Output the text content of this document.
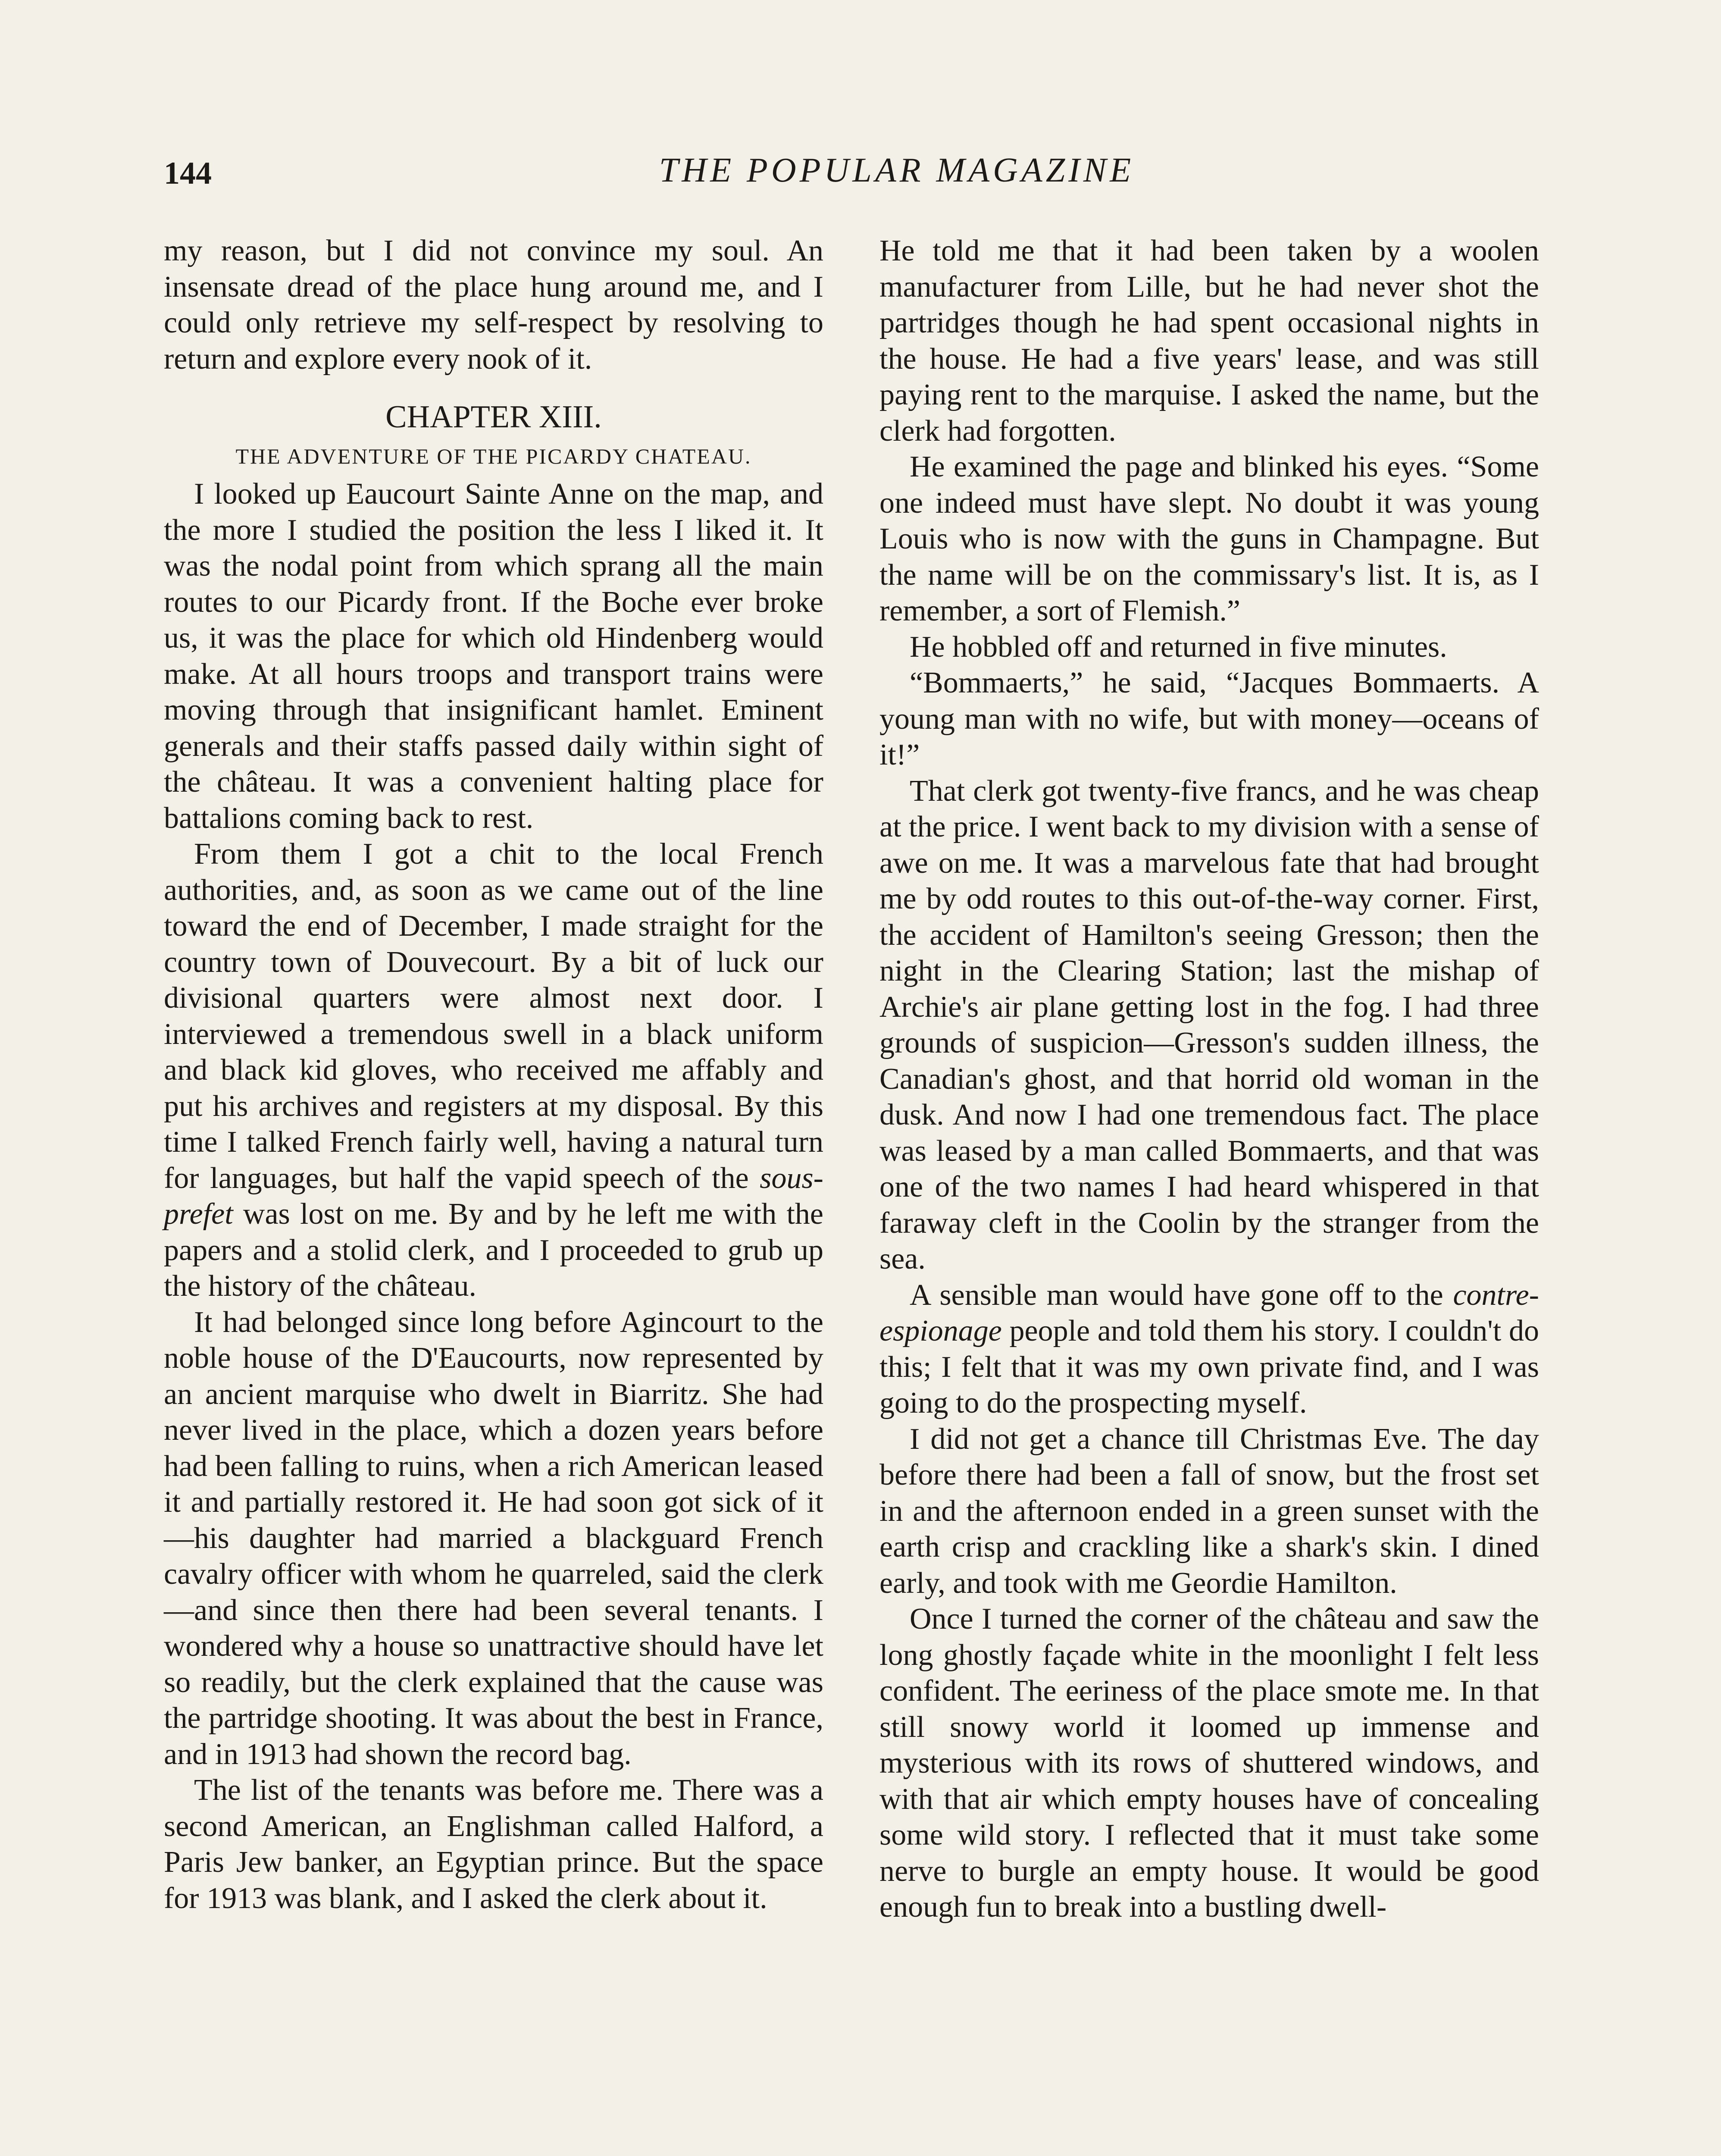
144	THE POPULAR MAGAZINE

my reason, but I did not convince my soul. An insensate dread of the place hung around me, and I could only retrieve my self-respect by resolving to return and explore every nook of it.

CHAPTER XIII.
THE ADVENTURE OF THE PICARDY CHATEAU.

I looked up Eaucourt Sainte Anne on the map, and the more I studied the position the less I liked it. It was the nodal point from which sprang all the main routes to our Picardy front. If the Boche ever broke us, it was the place for which old Hindenberg would make. At all hours troops and transport trains were moving through that insignificant hamlet. Eminent generals and their staffs passed daily within sight of the château. It was a convenient halting place for battalions coming back to rest.

From them I got a chit to the local French authorities, and, as soon as we came out of the line toward the end of December, I made straight for the country town of Douvecourt. By a bit of luck our divisional quarters were almost next door. I interviewed a tremendous swell in a black uniform and black kid gloves, who received me affably and put his archives and registers at my disposal. By this time I talked French fairly well, having a natural turn for languages, but half the vapid speech of the sous-prefet was lost on me. By and by he left me with the papers and a stolid clerk, and I proceeded to grub up the history of the château.

It had belonged since long before Agincourt to the noble house of the D'Eaucourts, now represented by an ancient marquise who dwelt in Biarritz. She had never lived in the place, which a dozen years before had been falling to ruins, when a rich American leased it and partially restored it. He had soon got sick of it—his daughter had married a blackguard French cavalry officer with whom he quarreled, said the clerk—and since then there had been several tenants. I wondered why a house so unattractive should have let so readily, but the clerk explained that the cause was the partridge shooting. It was about the best in France, and in 1913 had shown the record bag.

The list of the tenants was before me. There was a second American, an Englishman called Halford, a Paris Jew banker, an Egyptian prince. But the space for 1913 was blank, and I asked the clerk about it.

He told me that it had been taken by a woolen manufacturer from Lille, but he had never shot the partridges though he had spent occasional nights in the house. He had a five years' lease, and was still paying rent to the marquise. I asked the name, but the clerk had forgotten.

He examined the page and blinked his eyes. “Some one indeed must have slept. No doubt it was young Louis who is now with the guns in Champagne. But the name will be on the commissary's list. It is, as I remember, a sort of Flemish.”

He hobbled off and returned in five minutes.

“Bommaerts,” he said, “Jacques Bommaerts. A young man with no wife, but with money—oceans of it!”

That clerk got twenty-five francs, and he was cheap at the price. I went back to my division with a sense of awe on me. It was a marvelous fate that had brought me by odd routes to this out-of-the-way corner. First, the accident of Hamilton's seeing Gresson; then the night in the Clearing Station; last the mishap of Archie's air plane getting lost in the fog. I had three grounds of suspicion—Gresson's sudden illness, the Canadian's ghost, and that horrid old woman in the dusk. And now I had one tremendous fact. The place was leased by a man called Bommaerts, and that was one of the two names I had heard whispered in that faraway cleft in the Coolin by the stranger from the sea.

A sensible man would have gone off to the contre-espionage people and told them his story. I couldn't do this; I felt that it was my own private find, and I was going to do the prospecting myself.

I did not get a chance till Christmas Eve. The day before there had been a fall of snow, but the frost set in and the afternoon ended in a green sunset with the earth crisp and crackling like a shark's skin. I dined early, and took with me Geordie Hamilton.

Once I turned the corner of the château and saw the long ghostly façade white in the moonlight I felt less confident. The eeriness of the place smote me. In that still snowy world it loomed up immense and mysterious with its rows of shuttered windows, and with that air which empty houses have of concealing some wild story. I reflected that it must take some nerve to burgle an empty house. It would be good enough fun to break into a bustling dwell-
